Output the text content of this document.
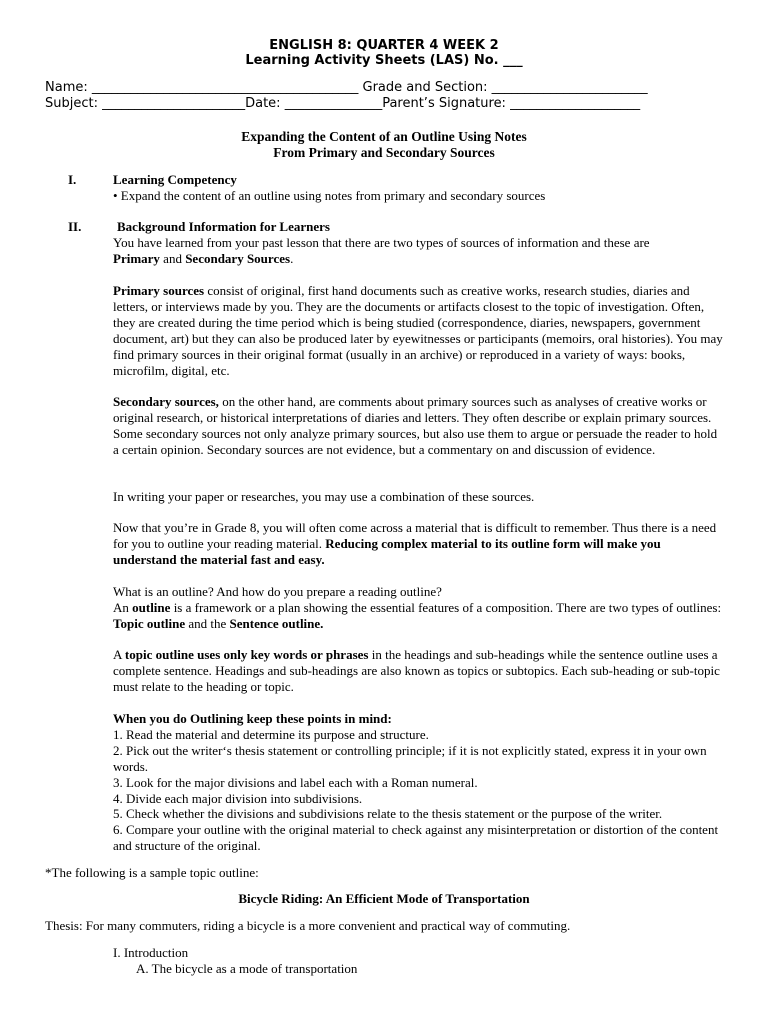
ENGLISH 8: QUARTER 4 WEEK 2
Learning Activity Sheets (LAS) No. ___
Name: _________________________________________ Grade and Section: ________________________
Subject: ______________________Date: _______________Parent’s Signature: ____________________
Expanding the Content of an Outline Using Notes
From Primary and Secondary Sources
I.	Learning Competency
• Expand the content of an outline using notes from primary and secondary sources
II.	Background Information for Learners
You have learned from your past lesson that there are two types of sources of information and these are
Primary and Secondary Sources.

Primary sources consist of original, first hand documents such as creative works, research studies, diaries and letters, or interviews made by you. They are the documents or artifacts closest to the topic of investigation. Often, they are created during the time period which is being studied (correspondence, diaries, newspapers, government document, art) but they can also be produced later by eyewitnesses or participants (memoirs, oral histories). You may find primary sources in their original format (usually in an archive) or reproduced in a variety of ways: books, microfilm, digital, etc.

Secondary sources, on the other hand, are comments about primary sources such as analyses of creative works or original research, or historical interpretations of diaries and letters. They often describe or explain primary sources. Some secondary sources not only analyze primary sources, but also use them to argue or persuade the reader to hold a certain opinion. Secondary sources are not evidence, but a commentary on and discussion of evidence.

In writing your paper or researches, you may use a combination of these sources.

Now that you’re in Grade 8, you will often come across a material that is difficult to remember. Thus there is a need for you to outline your reading material. Reducing complex material to its outline form will make you understand the material fast and easy.

What is an outline? And how do you prepare a reading outline?

An outline is a framework or a plan showing the essential features of a composition. There are two types of outlines: Topic outline and the Sentence outline.

A topic outline uses only key words or phrases in the headings and sub-headings while the sentence outline uses a complete sentence. Headings and sub-headings are also known as topics or subtopics. Each sub-heading or sub-topic must relate to the heading or topic.

When you do Outlining keep these points in mind:

1. Read the material and determine its purpose and structure.

2. Pick out the writer‘s thesis statement or controlling principle; if it is not explicitly stated, express it in your own words.

3. Look for the major divisions and label each with a Roman numeral.

4. Divide each major division into subdivisions.

5. Check whether the divisions and subdivisions relate to the thesis statement or the purpose of the writer.

6. Compare your outline with the original material to check against any misinterpretation or distortion of the content and structure of the original.

*The following is a sample topic outline:
Bicycle Riding: An Efficient Mode of Transportation
Thesis: For many commuters, riding a bicycle is a more convenient and practical way of commuting.
I. Introduction
A. The bicycle as a mode of transportation
